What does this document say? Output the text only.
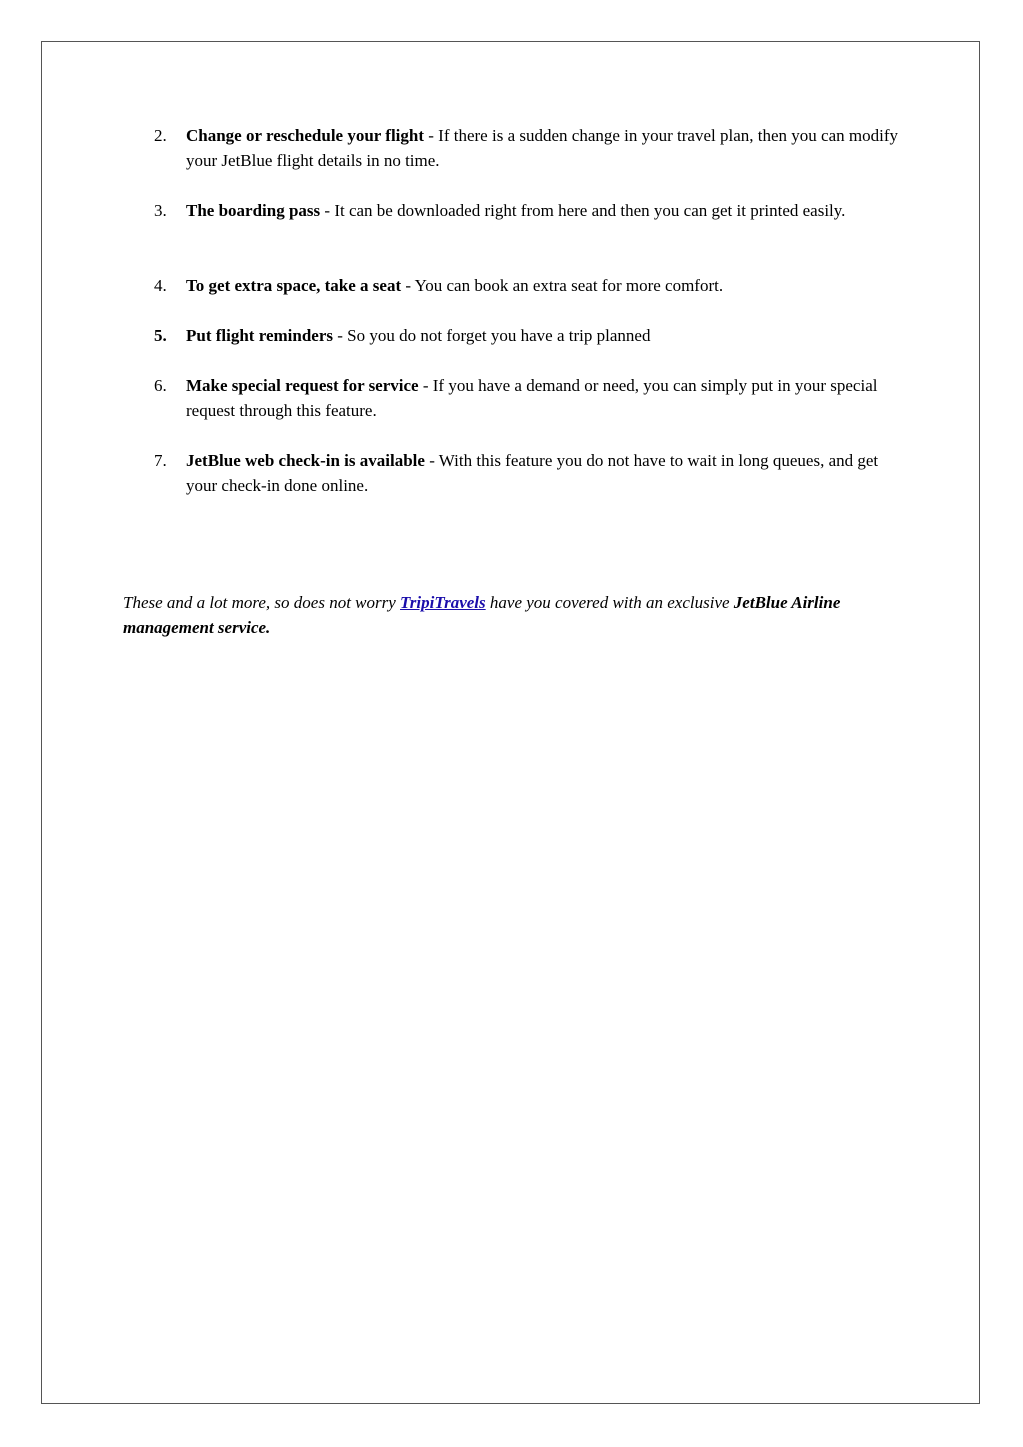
2. Change or reschedule your flight - If there is a sudden change in your travel plan, then you can modify your JetBlue flight details in no time.
3. The boarding pass - It can be downloaded right from here and then you can get it printed easily.
4. To get extra space, take a seat - You can book an extra seat for more comfort.
5. Put flight reminders - So you do not forget you have a trip planned
6. Make special request for service - If you have a demand or need, you can simply put in your special request through this feature.
7. JetBlue web check-in is available - With this feature you do not have to wait in long queues, and get your check-in done online.

These and a lot more, so does not worry TripiTravels have you covered with an exclusive JetBlue Airline management service.
